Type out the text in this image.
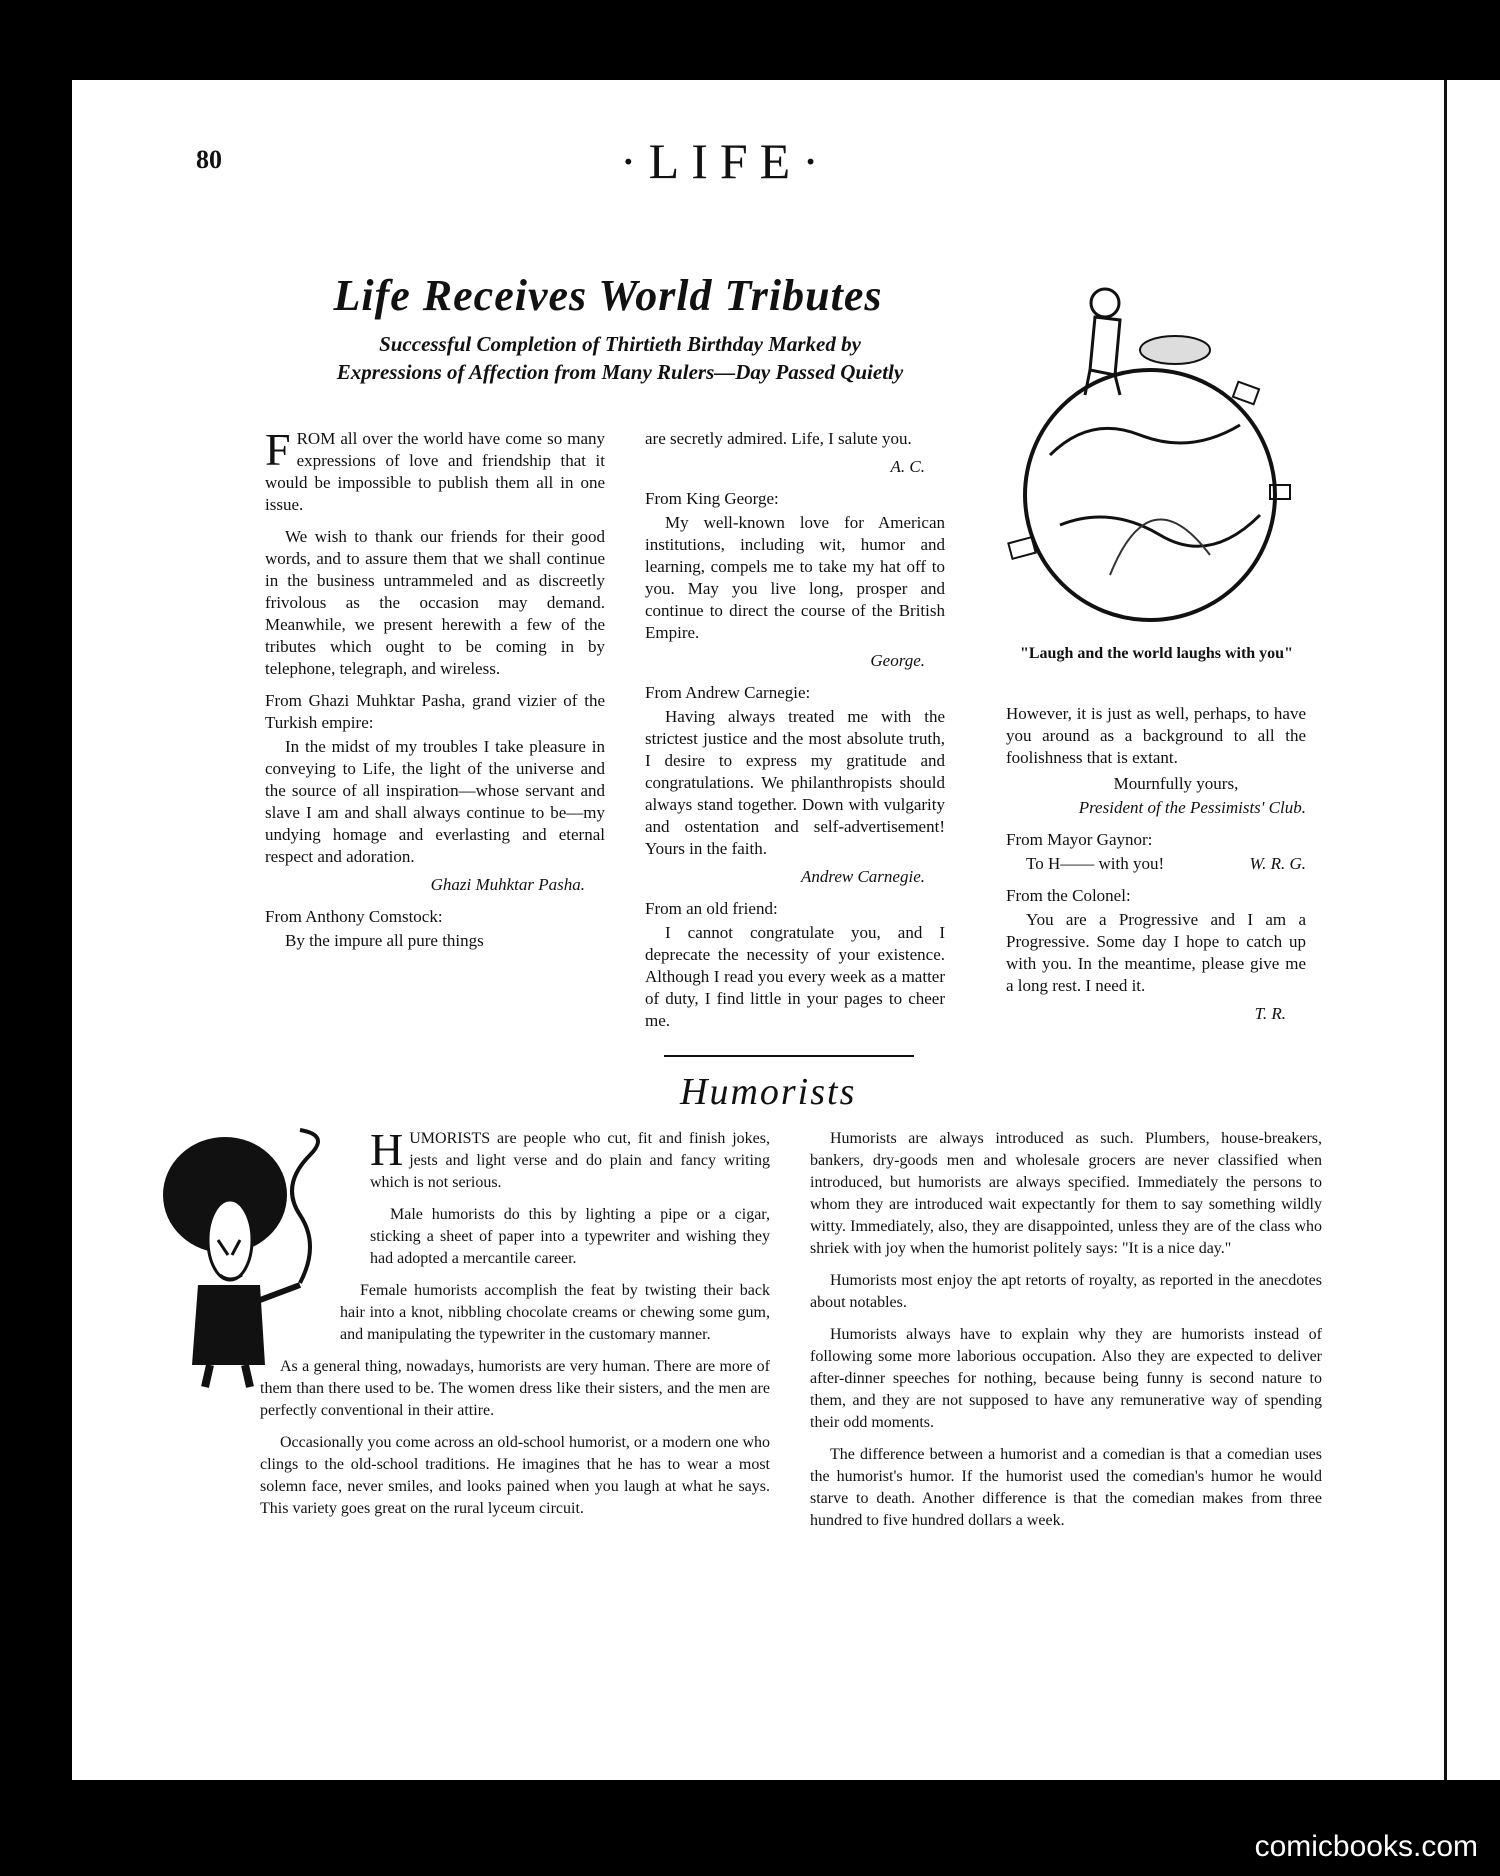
80	·LIFE·
Life Receives World Tributes
Successful Completion of Thirtieth Birthday Marked by Expressions of Affection from Many Rulers—Day Passed Quietly

FROM all over the world have come so many expressions of love and friendship that it would be impossible to publish them all in one issue.

We wish to thank our friends for their good words, and to assure them that we shall continue in the business untrammeled and as discreetly frivolous as the occasion may demand. Meanwhile, we present herewith a few of the tributes which ought to be coming in by telephone, telegraph, and wireless.

From Ghazi Muhktar Pasha, grand vizier of the Turkish empire:

In the midst of my troubles I take pleasure in conveying to Life, the light of the universe and the source of all inspiration—whose servant and slave I am and shall always continue to be—my undying homage and everlasting and eternal respect and adoration.

Ghazi Muhktar Pasha.

From Anthony Comstock:

By the impure all pure things

are secretly admired. Life, I salute you.

A. C.

From King George:

My well-known love for American institutions, including wit, humor and learning, compels me to take my hat off to you. May you live long, prosper and continue to direct the course of the British Empire.

George.

From Andrew Carnegie:

Having always treated me with the strictest justice and the most absolute truth, I desire to express my gratitude and congratulations. We philanthropists should always stand together. Down with vulgarity and ostentation and self-advertisement! Yours in the faith.

Andrew Carnegie.

From an old friend:

I cannot congratulate you, and I deprecate the necessity of your existence. Although I read you every week as a matter of duty, I find little in your pages to cheer me.

"Laugh and the world laughs with you"

However, it is just as well, perhaps, to have you around as a background to all the foolishness that is extant.

Mournfully yours,

President of the Pessimists' Club.

From Mayor Gaynor:

To H—— with you!	W. R. G.

From the Colonel:

You are a Progressive and I am a Progressive. Some day I hope to catch up with you. In the meantime, please give me a long rest. I need it.

T. R.

Humorists

HUMORISTS are people who cut, fit and finish jokes, jests and light verse and do plain and fancy writing which is not serious.

Male humorists do this by lighting a pipe or a cigar, sticking a sheet of paper into a typewriter and wishing they had adopted a mercantile career.

Female humorists accomplish the feat by twisting their back hair into a knot, nibbling chocolate creams or chewing some gum, and manipulating the typewriter in the customary manner.

As a general thing, nowadays, humorists are very human. There are more of them than there used to be. The women dress like their sisters, and the men are perfectly conventional in their attire.

Occasionally you come across an old-school humorist, or a modern one who clings to the old-school traditions. He imagines that he has to wear a most solemn face, never smiles, and looks pained when you laugh at what he says. This variety goes great on the rural lyceum circuit.

Humorists are always introduced as such. Plumbers, house-breakers, bankers, dry-goods men and wholesale grocers are never classified when introduced, but humorists are always specified. Immediately the persons to whom they are introduced wait expectantly for them to say something wildly witty. Immediately, also, they are disappointed, unless they are of the class who shriek with joy when the humorist politely says: "It is a nice day."

Humorists most enjoy the apt retorts of royalty, as reported in the anecdotes about notables.

Humorists always have to explain why they are humorists instead of following some more laborious occupation. Also they are expected to deliver after-dinner speeches for nothing, because being funny is second nature to them, and they are not supposed to have any remunerative way of spending their odd moments.

The difference between a humorist and a comedian is that a comedian uses the humorist's humor. If the humorist used the comedian's humor he would starve to death. Another difference is that the comedian makes from three hundred to five hundred dollars a week.

comicbooks.com
